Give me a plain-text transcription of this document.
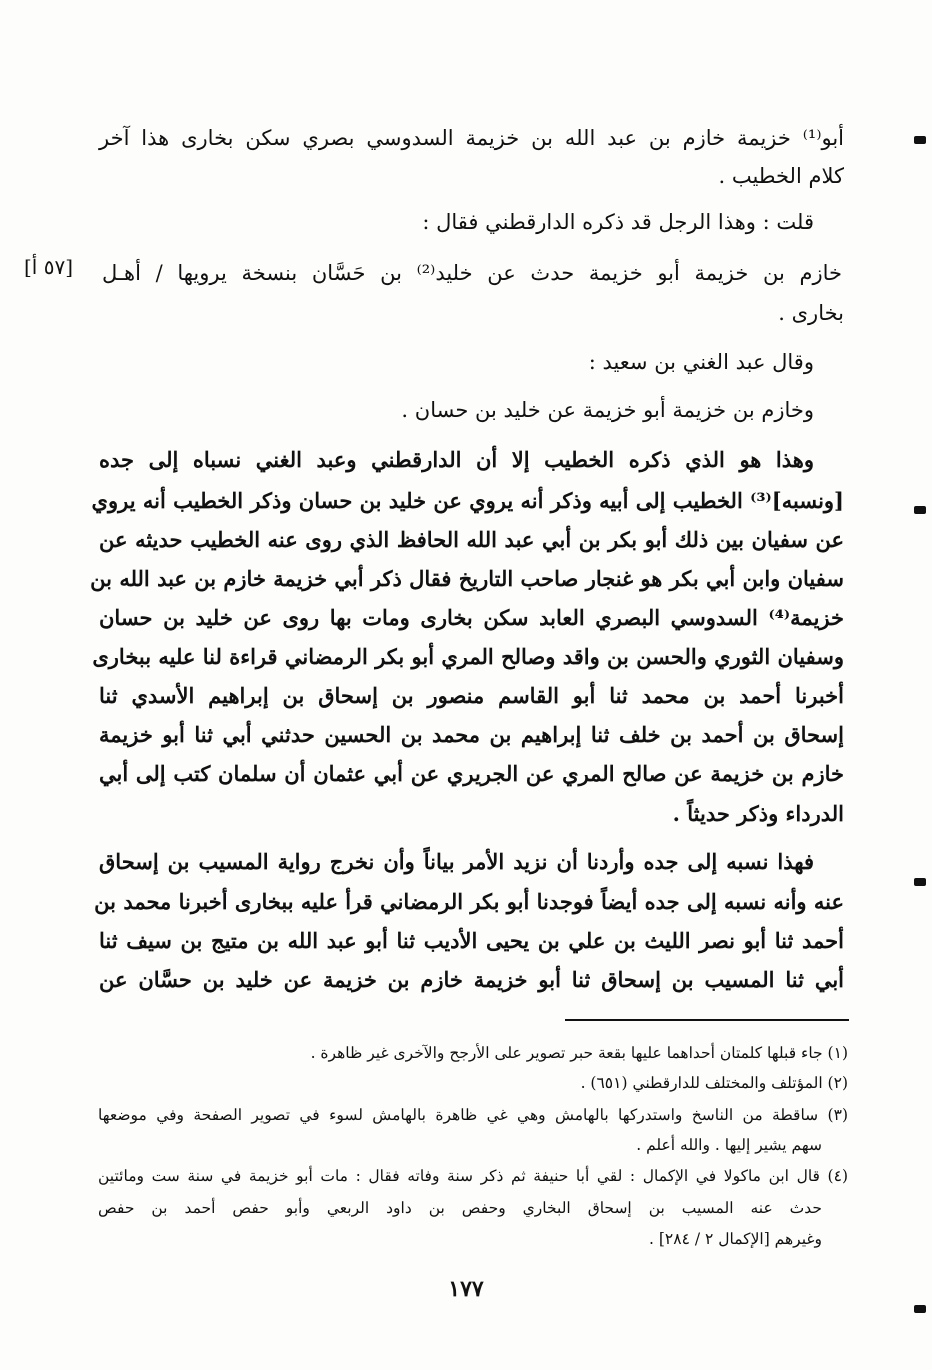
[٥٧ أ]
أبو⁽¹⁾ خزيمة خازم بن عبد الله بن خزيمة السدوسي بصري سكن بخارى هذا آخر
كلام الخطيب .
قلت : وهذا الرجل قد ذكره الدارقطني فقال :
خازم بن خزيمة أبو خزيمة حدث عن خليد⁽²⁾ بن حَسَّان بنسخة يرويها / أهـل
بخارى .
وقال عبد الغني بن سعيد :
وخازم بن خزيمة أبو خزيمة عن خليد بن حسان .
وهذا هو الذي ذكره الخطيب إلا أن الدارقطني وعبد الغني نسباه إلى جده
[ونسبه]⁽³⁾ الخطيب إلى أبيه وذكر أنه يروي عن خليد بن حسان وذكر الخطيب أنه يروي
عن سفيان بين ذلك أبو بكر بن أبي عبد الله الحافظ الذي روى عنه الخطيب حديثه عن
سفيان وابن أبي بكر هو غنجار صاحب التاريخ فقال ذكر أبي خزيمة خازم بن عبد الله بن
خزيمة⁽⁴⁾ السدوسي البصري العابد سكن بخارى ومات بها روى عن خليد بن حسان
وسفيان الثوري والحسن بن واقد وصالح المري أبو بكر الرمضاني قراءة لنا عليه ببخارى
أخبرنا أحمد بن محمد ثنا أبو القاسم منصور بن إسحاق بن إبراهيم الأسدي ثنا
إسحاق بن أحمد بن خلف ثنا إبراهيم بن محمد بن الحسين حدثني أبي ثنا أبو خزيمة
خازم بن خزيمة عن صالح المري عن الجريري عن أبي عثمان أن سلمان كتب إلى أبي
الدرداء وذكر حديثاً .
فهذا نسبه إلى جده وأردنا أن نزيد الأمر بياناً وأن نخرج رواية المسيب بن إسحاق
عنه وأنه نسبه إلى جده أيضاً فوجدنا أبو بكر الرمضاني قرأ عليه ببخارى أخبرنا محمد بن
أحمد ثنا أبو نصر الليث بن علي بن يحيى الأديب ثنا أبو عبد الله بن متيج بن سيف ثنا
أبي ثنا المسيب بن إسحاق ثنا أبو خزيمة خازم بن خزيمة عن خليد بن حسَّان عن
(١) جاء قبلها كلمتان أحداهما عليها بقعة حبر تصوير على الأرجح والآخرى غير ظاهرة .
(٢) المؤتلف والمختلف للدارقطني (٦٥١) .
(٣) ساقطة من الناسخ واستدركها بالهامش وهي غي ظاهرة بالهامش لسوء في تصوير الصفحة وفي موضعها
سهم يشير إليها . والله أعلم .
(٤) قال ابن ماكولا في الإكمال : لقي أبا حنيفة ثم ذكر سنة وفاته فقال : مات أبو خزيمة في سنة ست ومائتين
حدث عنه المسيب بن إسحاق البخاري وحفص بن داود الربعي وأبو حفص أحمد بن حفص
وغيرهم [الإكمال ٢ / ٢٨٤] .
١٧٧
